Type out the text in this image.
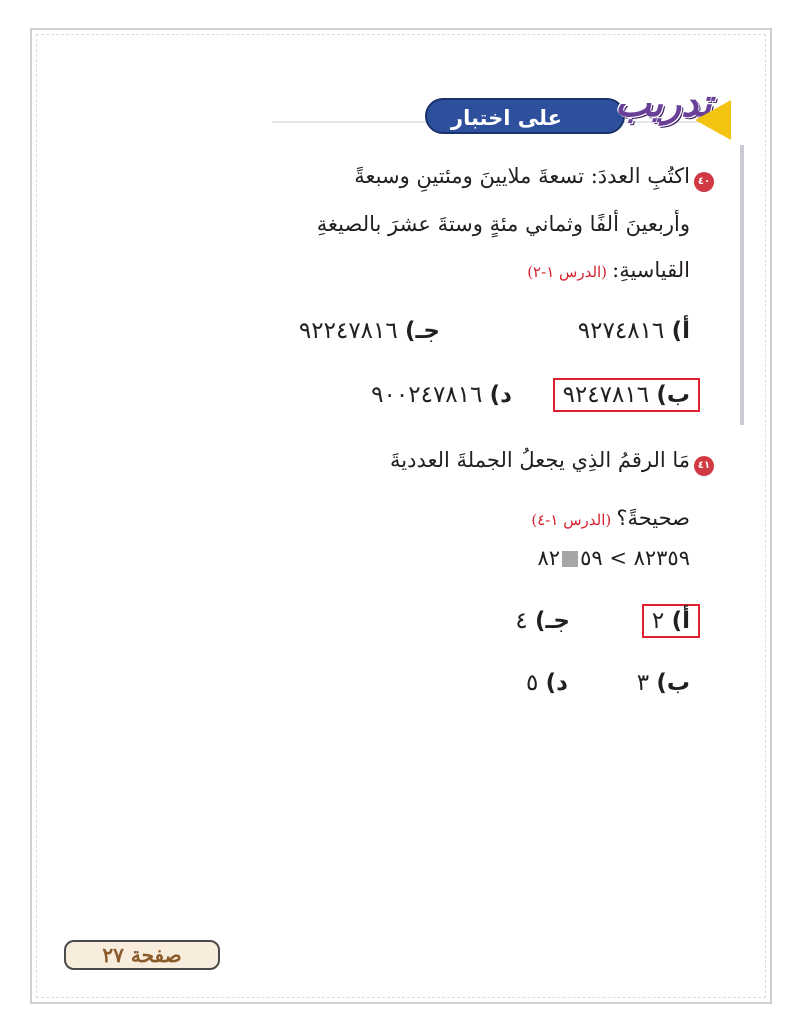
على اختبار تدريب
٤٠
اكتُبِ العددَ: تسعةَ ملايينَ ومئتينِ وسبعةً
وأربعينَ ألفًا وثماني مئةٍ وستةَ عشرَ بالصيغةِ
القياسيةِ: (الدرس ١-٢)
أ) ٩٢٧٤٨١٦
جـ) ٩٢٢٤٧٨١٦
ب) ٩٢٤٧٨١٦
د) ٩٠٠٢٤٧٨١٦
٤١
مَا الرقمُ الذِي يجعلُ الجملةَ العدديةَ
صحيحةً؟ (الدرس ١-٤)
٨٢٣٥٩ > ٥٩٨٢
أ) ٢
جـ) ٤
ب) ٣
د) ٥
صفحة ٢٧
